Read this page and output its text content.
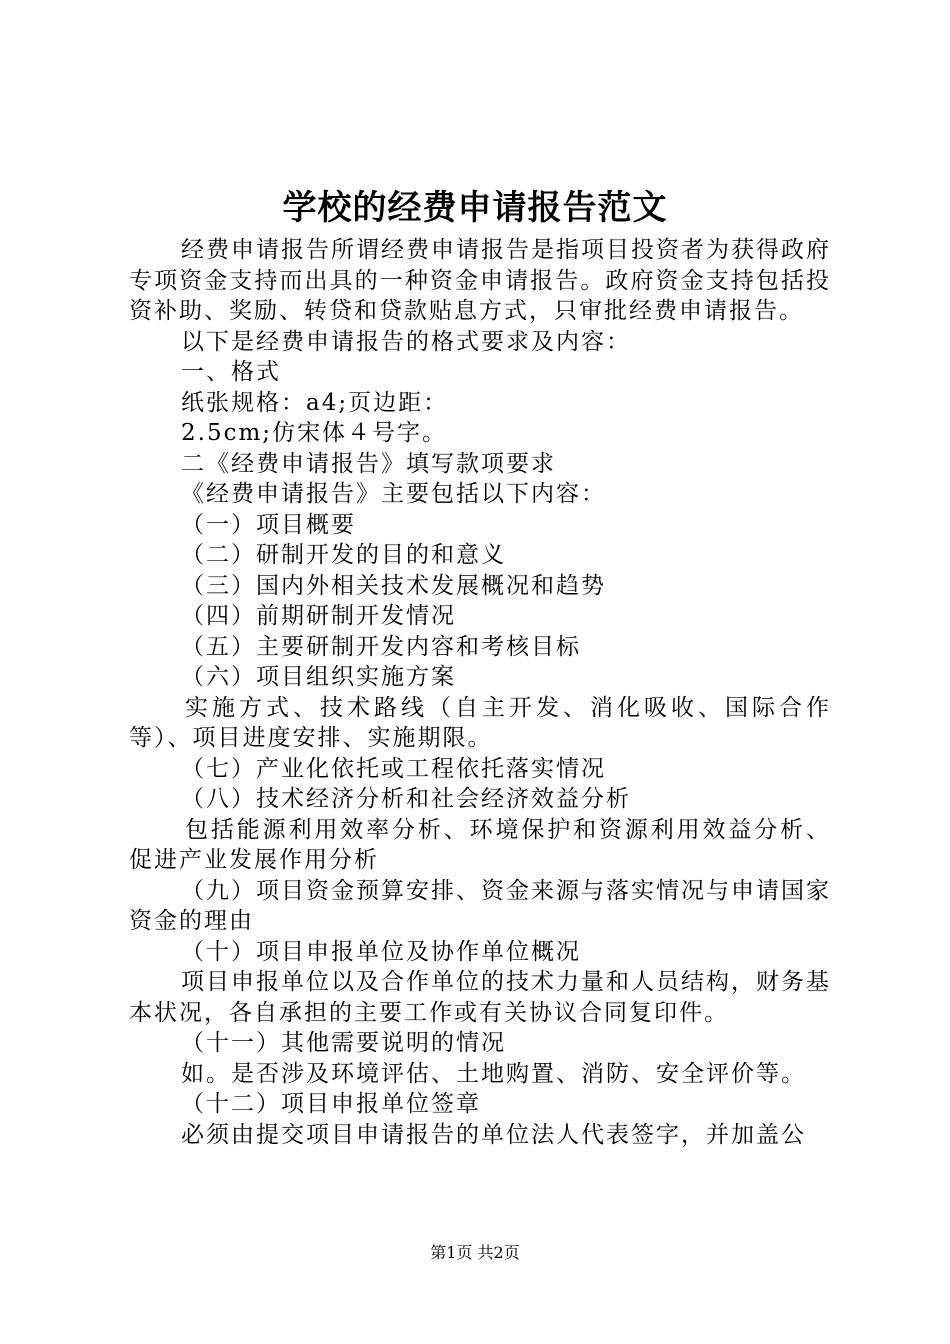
学校的经费申请报告范文

经费申请报告所谓经费申请报告是指项目投资者为获得政府专项资金支持而出具的一种资金申请报告。政府资金支持包括投资补助、奖励、转贷和贷款贴息方式，只审批经费申请报告。

以下是经费申请报告的格式要求及内容：

一、格式

纸张规格：a4;页边距：

2.5cm;仿宋体４号字。

二《经费申请报告》填写款项要求

《经费申请报告》主要包括以下内容：

（一）项目概要

（二）研制开发的目的和意义

（三）国内外相关技术发展概况和趋势

（四）前期研制开发情况

（五）主要研制开发内容和考核目标

（六）项目组织实施方案

实施方式、技术路线（自主开发、消化吸收、国际合作等）、项目进度安排、实施期限。

（七）产业化依托或工程依托落实情况

（八）技术经济分析和社会经济效益分析

包括能源利用效率分析、环境保护和资源利用效益分析、促进产业发展作用分析

（九）项目资金预算安排、资金来源与落实情况与申请国家资金的理由

（十）项目申报单位及协作单位概况

项目申报单位以及合作单位的技术力量和人员结构，财务基本状况，各自承担的主要工作或有关协议合同复印件。

（十一）其他需要说明的情况

如。是否涉及环境评估、土地购置、消防、安全评价等。

（十二）项目申报单位签章

必须由提交项目申请报告的单位法人代表签字，并加盖公

第1页 共2页
